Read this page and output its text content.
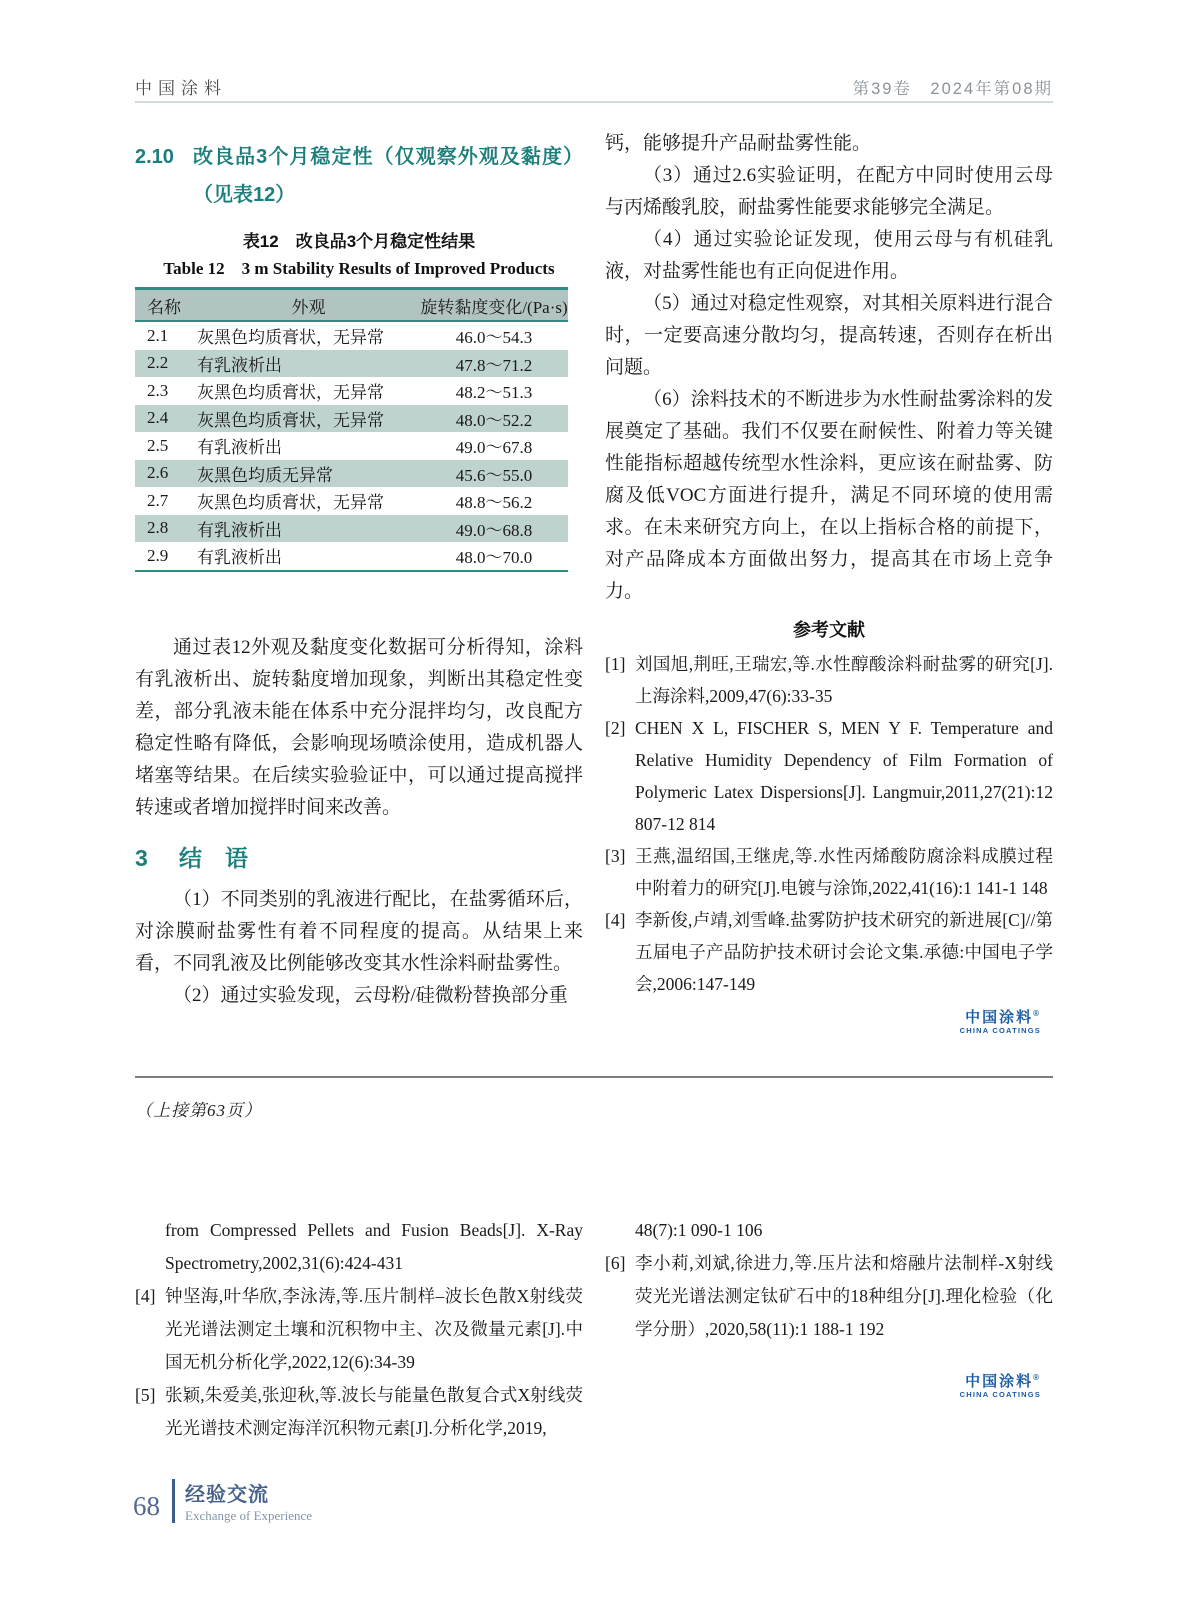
中国涂料	第39卷　2024年第08期
2.10 改良品3个月稳定性（仅观察外观及黏度）（见表12）
表12　改良品3个月稳定性结果
Table 12　3 m Stability Results of Improved Products
名称	外观	旋转黏度变化/(Pa·s)
2.1	灰黑色均质膏状，无异常	46.0～54.3
2.2	有乳液析出	47.8～71.2
2.3	灰黑色均质膏状，无异常	48.2～51.3
2.4	灰黑色均质膏状，无异常	48.0～52.2
2.5	有乳液析出	49.0～67.8
2.6	灰黑色均质无异常	45.6～55.0
2.7	灰黑色均质膏状，无异常	48.8～56.2
2.8	有乳液析出	49.0～68.8
2.9	有乳液析出	48.0～70.0

通过表12外观及黏度变化数据可分析得知，涂料有乳液析出、旋转黏度增加现象，判断出其稳定性变差，部分乳液未能在体系中充分混拌均匀，改良配方稳定性略有降低，会影响现场喷涂使用，造成机器人堵塞等结果。在后续实验验证中，可以通过提高搅拌转速或者增加搅拌时间来改善。

3 结　语

（1）不同类别的乳液进行配比，在盐雾循环后，对涂膜耐盐雾性有着不同程度的提高。从结果上来看，不同乳液及比例能够改变其水性涂料耐盐雾性。

（2）通过实验发现，云母粉/硅微粉替换部分重

钙，能够提升产品耐盐雾性能。

（3）通过2.6实验证明，在配方中同时使用云母与丙烯酸乳胶，耐盐雾性能要求能够完全满足。

（4）通过实验论证发现，使用云母与有机硅乳液，对盐雾性能也有正向促进作用。

（5）通过对稳定性观察，对其相关原料进行混合时，一定要高速分散均匀，提高转速，否则存在析出问题。

（6）涂料技术的不断进步为水性耐盐雾涂料的发展奠定了基础。我们不仅要在耐候性、附着力等关键性能指标超越传统型水性涂料，更应该在耐盐雾、防腐及低VOC方面进行提升，满足不同环境的使用需求。在未来研究方向上，在以上指标合格的前提下，对产品降成本方面做出努力，提高其在市场上竞争力。

参考文献
[1] 刘国旭,荆旺,王瑞宏,等.水性醇酸涂料耐盐雾的研究[J].上海涂料,2009,47(6):33-35
[2] CHEN X L, FISCHER S, MEN Y F. Temperature and Relative Humidity Dependency of Film Formation of Polymeric Latex Dispersions[J]. Langmuir,2011,27(21):12 807-12 814
[3] 王燕,温绍国,王继虎,等.水性丙烯酸防腐涂料成膜过程中附着力的研究[J].电镀与涂饰,2022,41(16):1 141-1 148
[4] 李新俊,卢靖,刘雪峰.盐雾防护技术研究的新进展[C]//第五届电子产品防护技术研讨会论文集.承德:中国电子学会,2006:147-149
中国涂料®
CHINA COATINGS
（上接第63页）
from Compressed Pellets and Fusion Beads[J]. X-Ray Spectrometry,2002,31(6):424-431
[4] 钟坚海,叶华欣,李泳涛,等.压片制样–波长色散X射线荧光光谱法测定土壤和沉积物中主、次及微量元素[J].中国无机分析化学,2022,12(6):34-39
[5] 张颖,朱爱美,张迎秋,等.波长与能量色散复合式X射线荧光光谱技术测定海洋沉积物元素[J].分析化学,2019,
48(7):1 090-1 106
[6] 李小莉,刘斌,徐进力,等.压片法和熔融片法制样-X射线荧光光谱法测定钛矿石中的18种组分[J].理化检验（化学分册）,2020,58(11):1 188-1 192
中国涂料®
CHINA COATINGS
68 经验交流
Exchange of Experience
